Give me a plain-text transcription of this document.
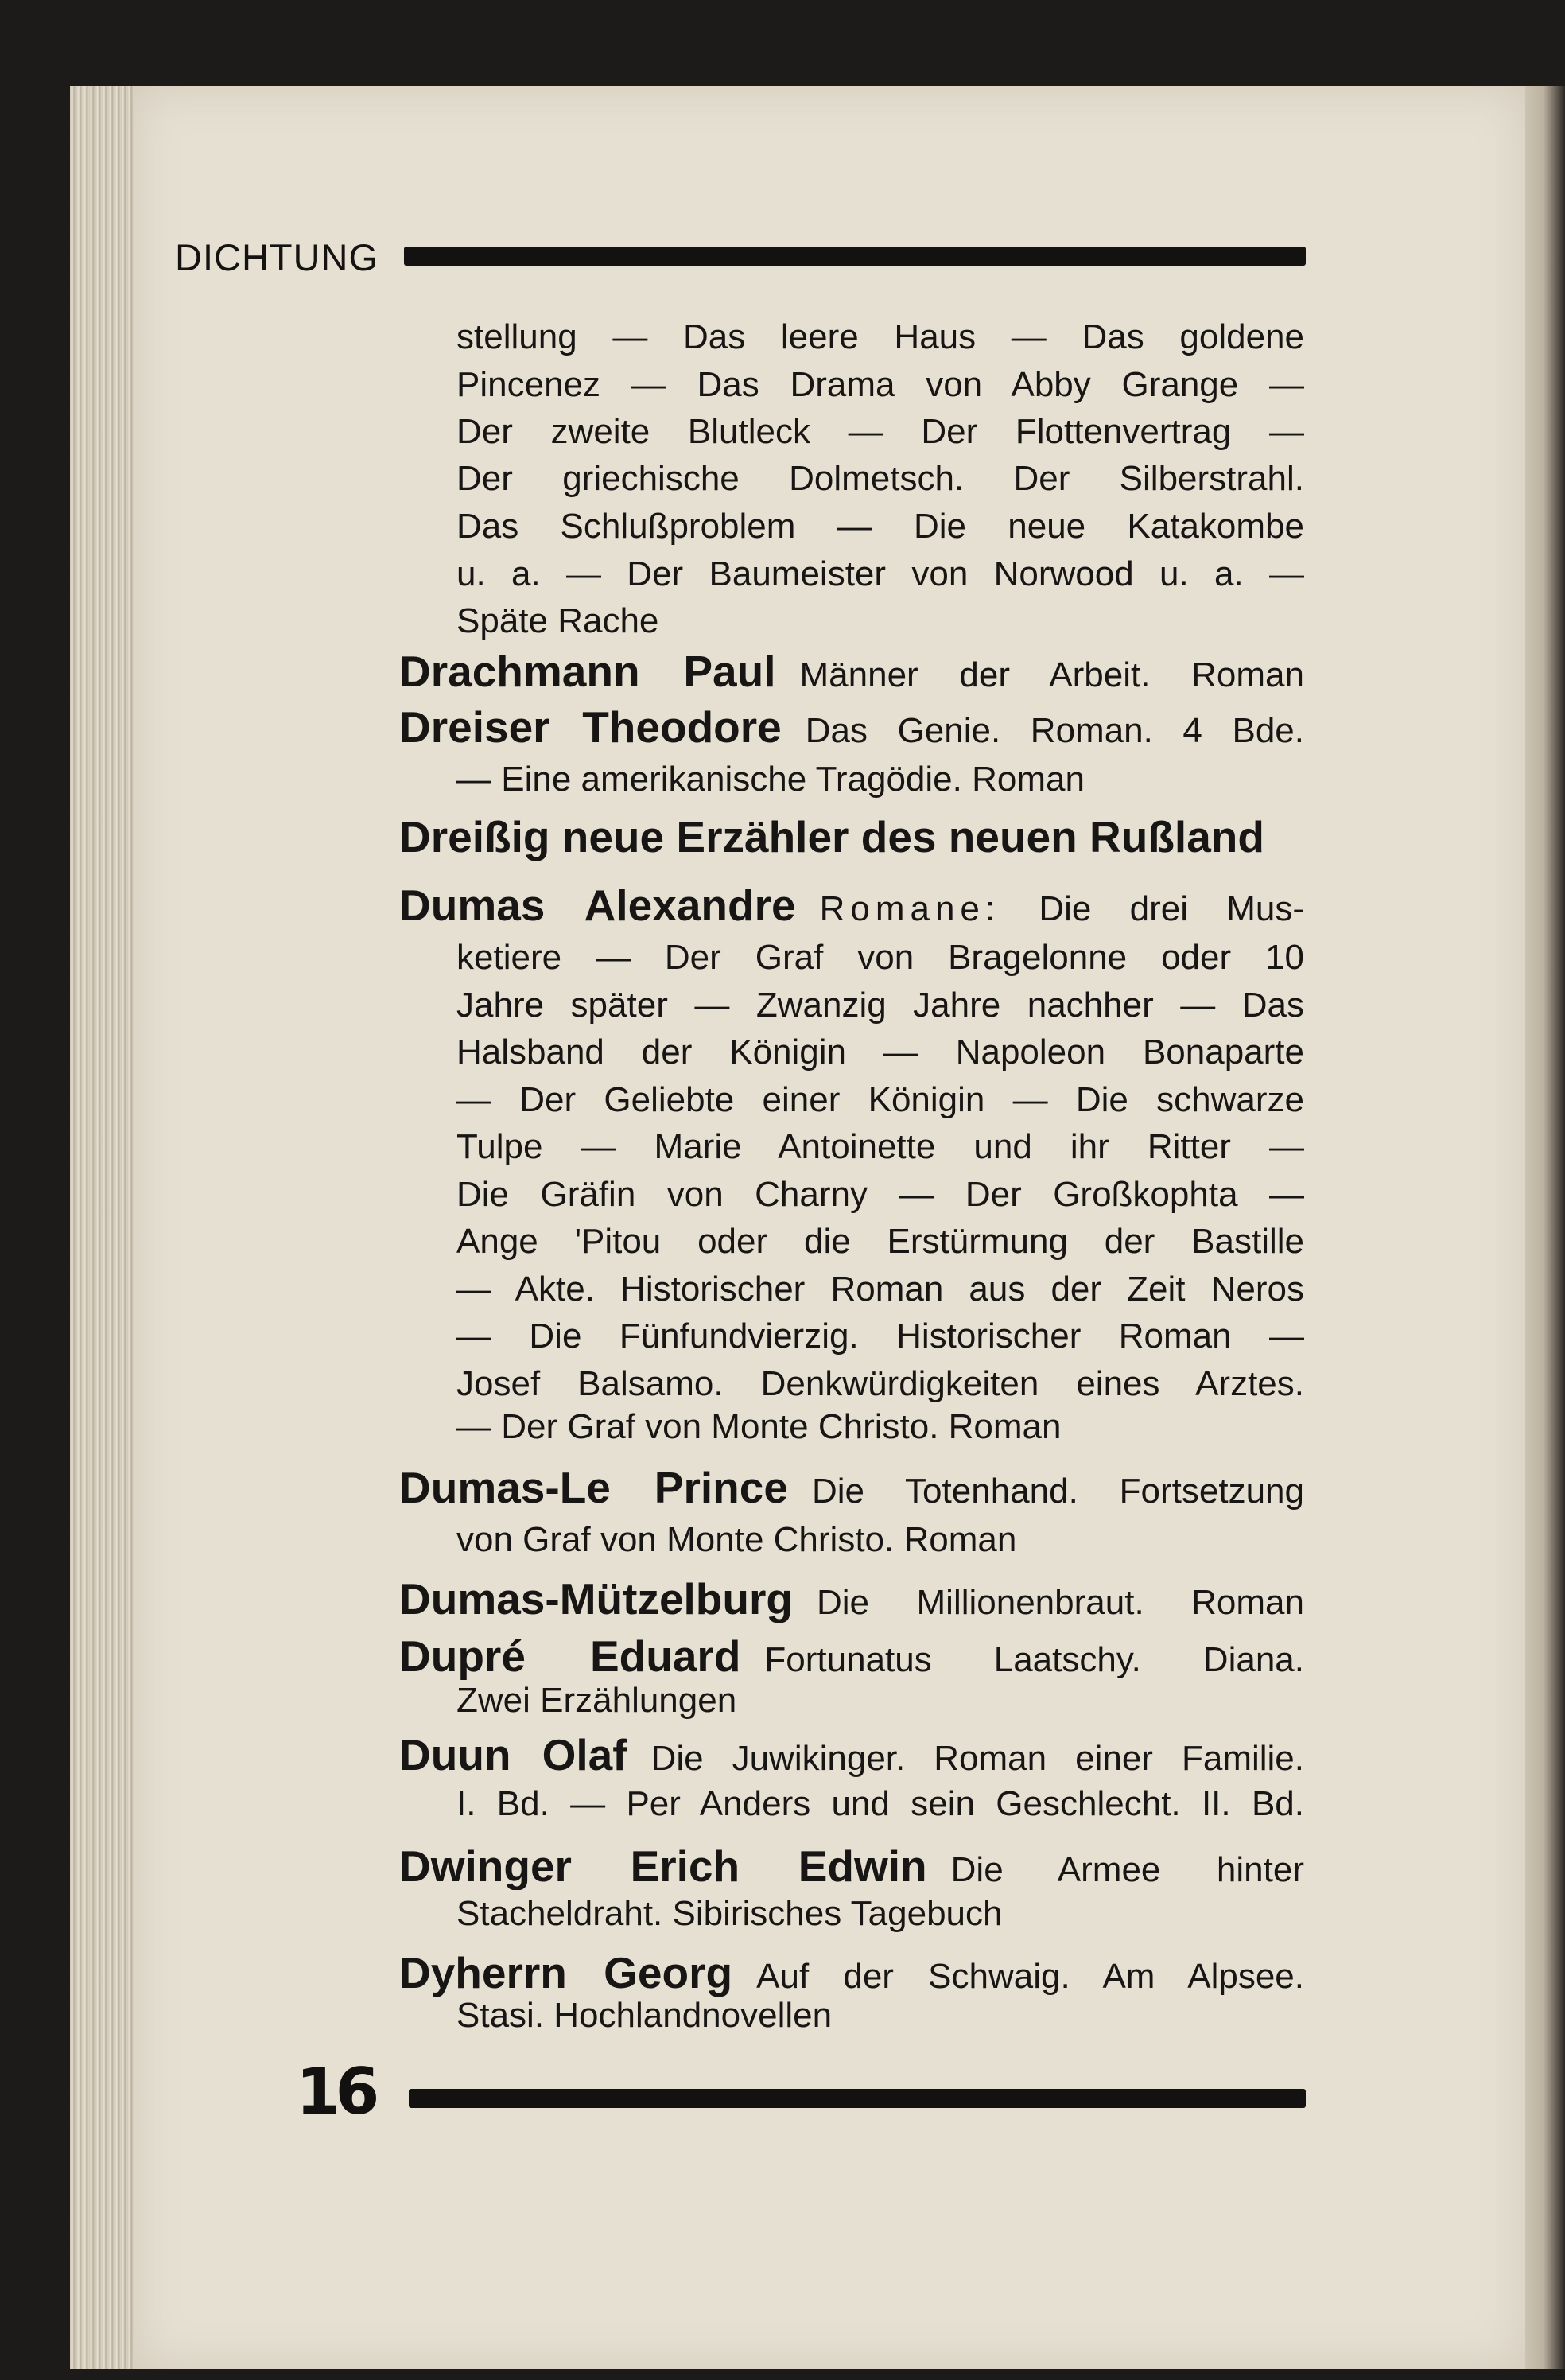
DICHTUNG
stellung — Das leere Haus — Das goldene
Pincenez — Das Drama von Abby Grange —
Der zweite Blutleck — Der Flottenvertrag —
Der griechische Dolmetsch. Der Silberstrahl.
Das Schlußproblem — Die neue Katakombe
u. a. — Der Baumeister von Norwood u. a. —
Späte Rache
Drachmann Paul Männer der Arbeit. Roman
Dreiser Theodore Das Genie. Roman. 4 Bde.
— Eine amerikanische Tragödie. Roman
Dreißig neue Erzähler des neuen Rußland
Dumas Alexandre Romane: Die drei Mus-
ketiere — Der Graf von Bragelonne oder 10
Jahre später — Zwanzig Jahre nachher — Das
Halsband der Königin — Napoleon Bonaparte
— Der Geliebte einer Königin — Die schwarze
Tulpe — Marie Antoinette und ihr Ritter —
Die Gräfin von Charny — Der Großkophta —
Ange 'Pitou oder die Erstürmung der Bastille
— Akte. Historischer Roman aus der Zeit Neros
— Die Fünfundvierzig. Historischer Roman —
Josef Balsamo. Denkwürdigkeiten eines Arztes.
— Der Graf von Monte Christo. Roman
Dumas-Le Prince Die Totenhand. Fortsetzung
von Graf von Monte Christo. Roman
Dumas-Mützelburg Die Millionenbraut. Roman
Dupré Eduard Fortunatus Laatschy. Diana.
Zwei Erzählungen
Duun Olaf Die Juwikinger. Roman einer Familie.
I. Bd. — Per Anders und sein Geschlecht. II. Bd.
Dwinger Erich Edwin Die Armee hinter
Stacheldraht. Sibirisches Tagebuch
Dyherrn Georg Auf der Schwaig. Am Alpsee.
Stasi. Hochlandnovellen
16
